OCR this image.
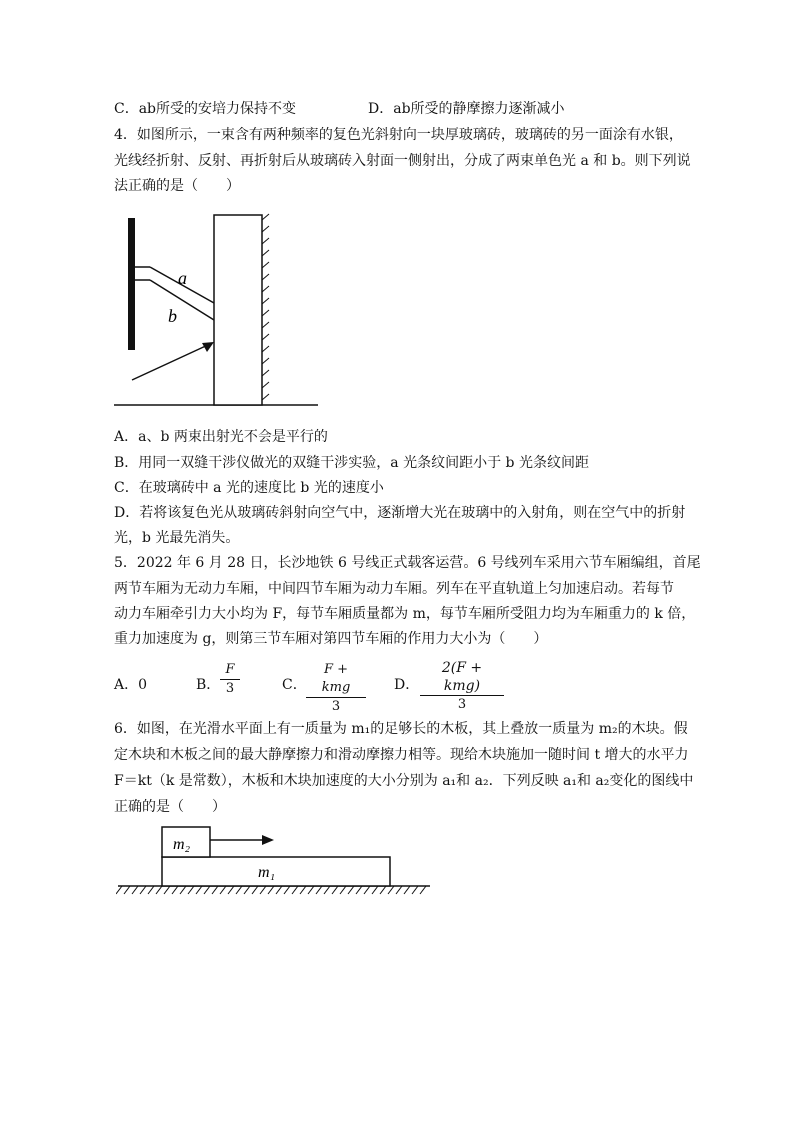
C．ab所受的安培力保持不变	D．ab所受的静摩擦力逐渐减小
4．如图所示，一束含有两种频率的复色光斜射向一块厚玻璃砖，玻璃砖的另一面涂有水银，
光线经折射、反射、再折射后从玻璃砖入射面一侧射出，分成了两束单色光 a 和 b。则下列说
法正确的是（　　）
a
b
A．a、b 两束出射光不会是平行的
B．用同一双缝干涉仪做光的双缝干涉实验，a 光条纹间距小于 b 光条纹间距
C．在玻璃砖中 a 光的速度比 b 光的速度小
D．若将该复色光从玻璃砖斜射向空气中，逐渐增大光在玻璃中的入射角，则在空气中的折射
光，b 光最先消失。
5．2022 年 6 月 28 日，长沙地铁 6 号线正式载客运营。6 号线列车采用六节车厢编组，首尾
两节车厢为无动力车厢，中间四节车厢为动力车厢。列车在平直轨道上匀加速启动。若每节
动力车厢牵引力大小均为 F，每节车厢质量都为 m，每节车厢所受阻力均为车厢重力的 k 倍，
重力加速度为 g，则第三节车厢对第四节车厢的作用力大小为（　　）
A．0	B． $\frac{F}{3}$	C．
F + kmg
3
D．
2(F + kmg)
3
6．如图，在光滑水平面上有一质量为 m₁的足够长的木板，其上叠放一质量为 m₂的木块。假
定木块和木板之间的最大静摩擦力和滑动摩擦力相等。现给木块施加一随时间 t 增大的水平力
F＝kt（k 是常数），木板和木块加速度的大小分别为 a₁和 a₂．下列反映 a₁和 a₂变化的图线中
正确的是（　　）
m₂
m₁
